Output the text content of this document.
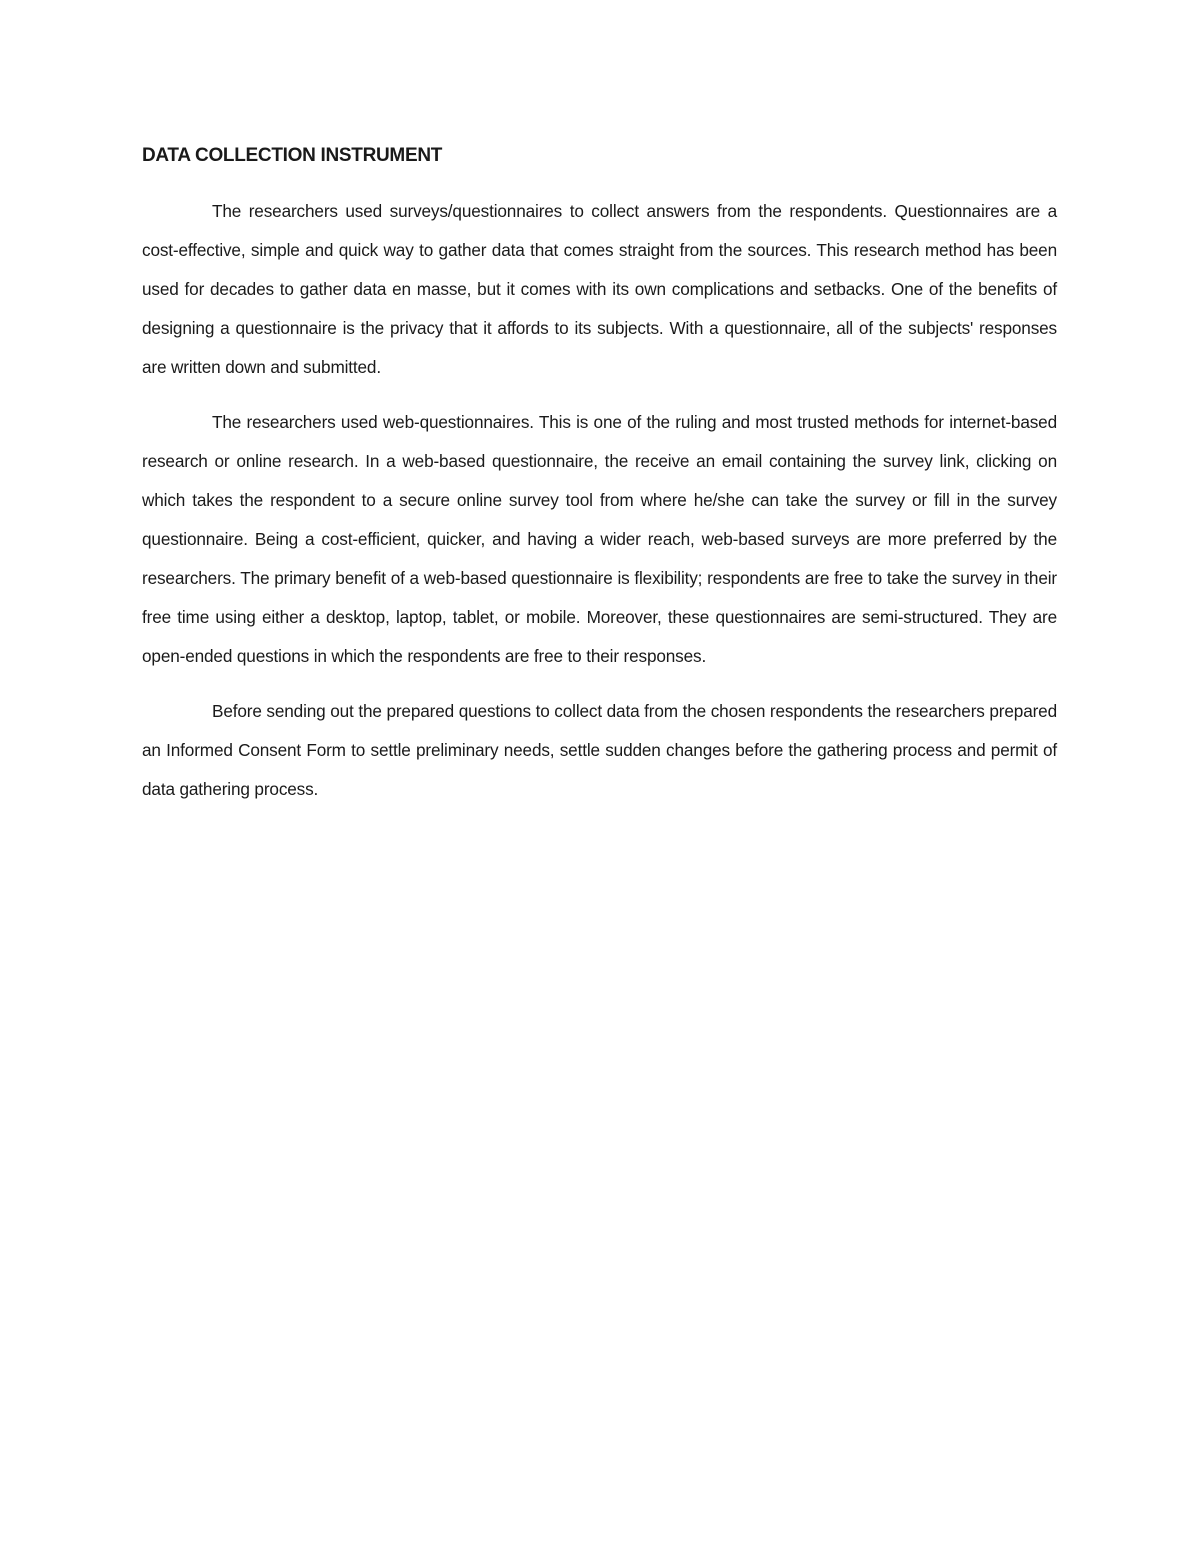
DATA COLLECTION INSTRUMENT

The researchers used surveys/questionnaires to collect answers from the respondents. Questionnaires are a cost-effective, simple and quick way to gather data that comes straight from the sources. This research method has been used for decades to gather data en masse, but it comes with its own complications and setbacks. One of the benefits of designing a questionnaire is the privacy that it affords to its subjects. With a questionnaire, all of the subjects' responses are written down and submitted.

The researchers used web-questionnaires. This is one of the ruling and most trusted methods for internet-based research or online research. In a web-based questionnaire, the receive an email containing the survey link, clicking on which takes the respondent to a secure online survey tool from where he/she can take the survey or fill in the survey questionnaire. Being a cost-efficient, quicker, and having a wider reach, web-based surveys are more preferred by the researchers. The primary benefit of a web-based questionnaire is flexibility; respondents are free to take the survey in their free time using either a desktop, laptop, tablet, or mobile. Moreover, these questionnaires are semi-structured. They are open-ended questions in which the respondents are free to their responses.

Before sending out the prepared questions to collect data from the chosen respondents the researchers prepared an Informed Consent Form to settle preliminary needs, settle sudden changes before the gathering process and permit of data gathering process.
